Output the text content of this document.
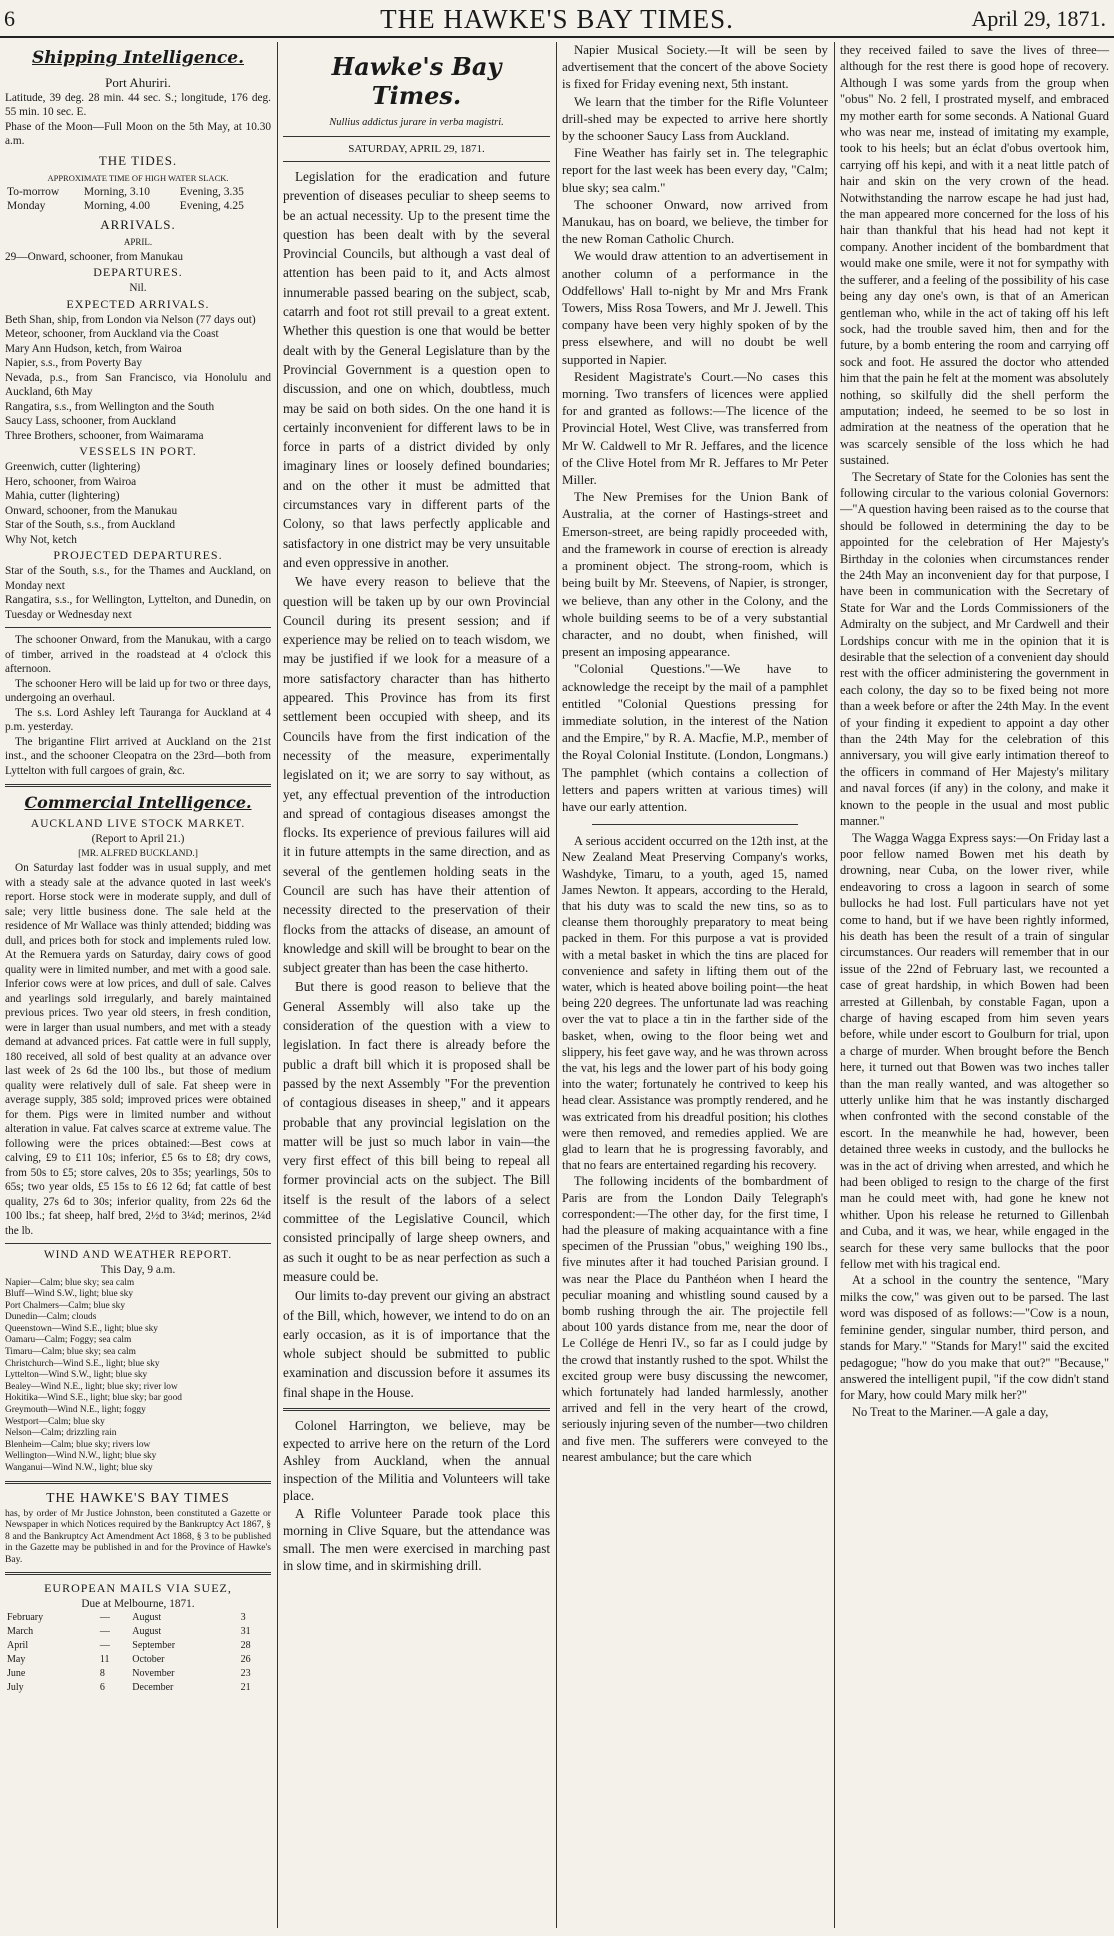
6	THE HAWKE'S BAY TIMES.	April 29, 1871.
Shipping Intelligence.

Port Ahuriri.

Latitude, 39 deg. 28 min. 44 sec. S.; longitude, 176 deg. 55 min. 10 sec. E.

Phase of the Moon—Full Moon on the 5th May, at 10.30 a.m.

THE TIDES.

APPROXIMATE TIME OF HIGH WATER SLACK.

To-morrow	Morning, 3.10	Evening, 3.35
Monday	Morning, 4.00	Evening, 4.25
ARRIVALS.

APRIL.

29—Onward, schooner, from Manukau

DEPARTURES.

Nil.

EXPECTED ARRIVALS.

Beth Shan, ship, from London via Nelson (77 days out)

Meteor, schooner, from Auckland via the Coast

Mary Ann Hudson, ketch, from Wairoa

Napier, s.s., from Poverty Bay

Nevada, p.s., from San Francisco, via Honolulu and Auckland, 6th May

Rangatira, s.s., from Wellington and the South

Saucy Lass, schooner, from Auckland

Three Brothers, schooner, from Waimarama

VESSELS IN PORT.

Greenwich, cutter (lightering)

Hero, schooner, from Wairoa

Mahia, cutter (lightering)

Onward, schooner, from the Manukau

Star of the South, s.s., from Auckland

Why Not, ketch

PROJECTED DEPARTURES.

Star of the South, s.s., for the Thames and Auckland, on Monday next

Rangatira, s.s., for Wellington, Lyttelton, and Dunedin, on Tuesday or Wednesday next

The schooner Onward, from the Manukau, with a cargo of timber, arrived in the roadstead at 4 o'clock this afternoon.

The schooner Hero will be laid up for two or three days, undergoing an overhaul.

The s.s. Lord Ashley left Tauranga for Auckland at 4 p.m. yesterday.

The brigantine Flirt arrived at Auckland on the 21st inst., and the schooner Cleopatra on the 23rd—both from Lyttelton with full cargoes of grain, &c.

Commercial Intelligence.
AUCKLAND LIVE STOCK MARKET.

(Report to April 21.)

[MR. ALFRED BUCKLAND.]

On Saturday last fodder was in usual supply, and met with a steady sale at the advance quoted in last week's report. Horse stock were in moderate supply, and dull of sale; very little business done. The sale held at the residence of Mr Wallace was thinly attended; bidding was dull, and prices both for stock and implements ruled low. At the Remuera yards on Saturday, dairy cows of good quality were in limited number, and met with a good sale. Inferior cows were at low prices, and dull of sale. Calves and yearlings sold irregularly, and barely maintained previous prices. Two year old steers, in fresh condition, were in larger than usual numbers, and met with a steady demand at advanced prices. Fat cattle were in full supply, 180 received, all sold of best quality at an advance over last week of 2s 6d the 100 lbs., but those of medium quality were relatively dull of sale. Fat sheep were in average supply, 385 sold; improved prices were obtained for them. Pigs were in limited number and without alteration in value. Fat calves scarce at extreme value. The following were the prices obtained:—Best cows at calving, £9 to £11 10s; inferior, £5 6s to £8; dry cows, from 50s to £5; store calves, 20s to 35s; yearlings, 50s to 65s; two year olds, £5 15s to £6 12 6d; fat cattle of best quality, 27s 6d to 30s; inferior quality, from 22s 6d the 100 lbs.; fat sheep, half bred, 2½d to 3¼d; merinos, 2¼d the lb.

WIND AND WEATHER REPORT.

This Day, 9 a.m.

Napier—Calm; blue sky; sea calm
Bluff—Wind S.W., light; blue sky
Port Chalmers—Calm; blue sky
Dunedin—Calm; clouds
Queenstown—Wind S.E., light; blue sky
Oamaru—Calm; Foggy; sea calm
Timaru—Calm; blue sky; sea calm
Christchurch—Wind S.E., light; blue sky
Lyttelton—Wind S.W., light; blue sky
Bealey—Wind N.E., light; blue sky; river low
Hokitika—Wind S.E., light; blue sky; bar good
Greymouth—Wind N.E., light; foggy
Westport—Calm; blue sky
Nelson—Calm; drizzling rain
Blenheim—Calm; blue sky; rivers low
Wellington—Wind N.W., light; blue sky
Wanganui—Wind N.W., light; blue sky
THE HAWKE'S BAY TIMES

has, by order of Mr Justice Johnston, been constituted a Gazette or Newspaper in which Notices required by the Bankruptcy Act 1867, § 8 and the Bankruptcy Act Amendment Act 1868, § 3 to be published in the Gazette may be published in and for the Province of Hawke's Bay.

EUROPEAN MAILS VIA SUEZ,

Due at Melbourne, 1871.

February	—	August	3
March	—	August	31
April	—	September	28
May	11	October	26
June	8	November	23
July	6	December	21
Hawke's Bay Times.

Nullius addictus jurare in verba magistri.

SATURDAY, APRIL 29, 1871.

Legislation for the eradication and future prevention of diseases peculiar to sheep seems to be an actual necessity. Up to the present time the question has been dealt with by the several Provincial Councils, but although a vast deal of attention has been paid to it, and Acts almost innumerable passed bearing on the subject, scab, catarrh and foot rot still prevail to a great extent. Whether this question is one that would be better dealt with by the General Legislature than by the Provincial Government is a question open to discussion, and one on which, doubtless, much may be said on both sides. On the one hand it is certainly inconvenient for different laws to be in force in parts of a district divided by only imaginary lines or loosely defined boundaries; and on the other it must be admitted that circumstances vary in different parts of the Colony, so that laws perfectly applicable and satisfactory in one district may be very unsuitable and even oppressive in another.

We have every reason to believe that the question will be taken up by our own Provincial Council during its present session; and if experience may be relied on to teach wisdom, we may be justified if we look for a measure of a more satisfactory character than has hitherto appeared. This Province has from its first settlement been occupied with sheep, and its Councils have from the first indication of the necessity of the measure, experimentally legislated on it; we are sorry to say without, as yet, any effectual prevention of the introduction and spread of contagious diseases amongst the flocks. Its experience of previous failures will aid it in future attempts in the same direction, and as several of the gentlemen holding seats in the Council are such has have their attention of necessity directed to the preservation of their flocks from the attacks of disease, an amount of knowledge and skill will be brought to bear on the subject greater than has been the case hitherto.

But there is good reason to believe that the General Assembly will also take up the consideration of the question with a view to legislation. In fact there is already before the public a draft bill which it is proposed shall be passed by the next Assembly "For the prevention of contagious diseases in sheep," and it appears probable that any provincial legislation on the matter will be just so much labor in vain—the very first effect of this bill being to repeal all former provincial acts on the subject. The Bill itself is the result of the labors of a select committee of the Legislative Council, which consisted principally of large sheep owners, and as such it ought to be as near perfection as such a measure could be.

Our limits to-day prevent our giving an abstract of the Bill, which, however, we intend to do on an early occasion, as it is of importance that the whole subject should be submitted to public examination and discussion before it assumes its final shape in the House.

Colonel Harrington, we believe, may be expected to arrive here on the return of the Lord Ashley from Auckland, when the annual inspection of the Militia and Volunteers will take place.

A Rifle Volunteer Parade took place this morning in Clive Square, but the attendance was small. The men were exercised in marching past in slow time, and in skirmishing drill.

Napier Musical Society.—It will be seen by advertisement that the concert of the above Society is fixed for Friday evening next, 5th instant.

We learn that the timber for the Rifle Volunteer drill-shed may be expected to arrive here shortly by the schooner Saucy Lass from Auckland.

Fine Weather has fairly set in. The telegraphic report for the last week has been every day, "Calm; blue sky; sea calm."

The schooner Onward, now arrived from Manukau, has on board, we believe, the timber for the new Roman Catholic Church.

We would draw attention to an advertisement in another column of a performance in the Oddfellows' Hall to-night by Mr and Mrs Frank Towers, Miss Rosa Towers, and Mr J. Jewell. This company have been very highly spoken of by the press elsewhere, and will no doubt be well supported in Napier.

Resident Magistrate's Court.—No cases this morning. Two transfers of licences were applied for and granted as follows:—The licence of the Provincial Hotel, West Clive, was transferred from Mr W. Caldwell to Mr R. Jeffares, and the licence of the Clive Hotel from Mr R. Jeffares to Mr Peter Miller.

The New Premises for the Union Bank of Australia, at the corner of Hastings-street and Emerson-street, are being rapidly proceeded with, and the framework in course of erection is already a prominent object. The strong-room, which is being built by Mr. Steevens, of Napier, is stronger, we believe, than any other in the Colony, and the whole building seems to be of a very substantial character, and no doubt, when finished, will present an imposing appearance.

"Colonial Questions."—We have to acknowledge the receipt by the mail of a pamphlet entitled "Colonial Questions pressing for immediate solution, in the interest of the Nation and the Empire," by R. A. Macfie, M.P., member of the Royal Colonial Institute. (London, Longmans.) The pamphlet (which contains a collection of letters and papers written at various times) will have our early attention.

A serious accident occurred on the 12th inst, at the New Zealand Meat Preserving Company's works, Washdyke, Timaru, to a youth, aged 15, named James Newton. It appears, according to the Herald, that his duty was to scald the new tins, so as to cleanse them thoroughly preparatory to meat being packed in them. For this purpose a vat is provided with a metal basket in which the tins are placed for convenience and safety in lifting them out of the water, which is heated above boiling point—the heat being 220 degrees. The unfortunate lad was reaching over the vat to place a tin in the farther side of the basket, when, owing to the floor being wet and slippery, his feet gave way, and he was thrown across the vat, his legs and the lower part of his body going into the water; fortunately he contrived to keep his head clear. Assistance was promptly rendered, and he was extricated from his dreadful position; his clothes were then removed, and remedies applied. We are glad to learn that he is progressing favorably, and that no fears are entertained regarding his recovery.

The following incidents of the bombardment of Paris are from the London Daily Telegraph's correspondent:—The other day, for the first time, I had the pleasure of making acquaintance with a fine specimen of the Prussian "obus," weighing 190 lbs., five minutes after it had touched Parisian ground. I was near the Place du Panthéon when I heard the peculiar moaning and whistling sound caused by a bomb rushing through the air. The projectile fell about 100 yards distance from me, near the door of Le Collége de Henri IV., so far as I could judge by the crowd that instantly rushed to the spot. Whilst the excited group were busy discussing the newcomer, which fortunately had landed harmlessly, another arrived and fell in the very heart of the crowd, seriously injuring seven of the number—two children and five men. The sufferers were conveyed to the nearest ambulance; but the care which

they received failed to save the lives of three—although for the rest there is good hope of recovery. Although I was some yards from the group when "obus" No. 2 fell, I prostrated myself, and embraced my mother earth for some seconds. A National Guard who was near me, instead of imitating my example, took to his heels; but an éclat d'obus overtook him, carrying off his kepi, and with it a neat little patch of hair and skin on the very crown of the head. Notwithstanding the narrow escape he had just had, the man appeared more concerned for the loss of his hair than thankful that his head had not kept it company. Another incident of the bombardment that would make one smile, were it not for sympathy with the sufferer, and a feeling of the possibility of his case being any day one's own, is that of an American gentleman who, while in the act of taking off his left sock, had the trouble saved him, then and for the future, by a bomb entering the room and carrying off sock and foot. He assured the doctor who attended him that the pain he felt at the moment was absolutely nothing, so skilfully did the shell perform the amputation; indeed, he seemed to be so lost in admiration at the neatness of the operation that he was scarcely sensible of the loss which he had sustained.

The Secretary of State for the Colonies has sent the following circular to the various colonial Governors:—"A question having been raised as to the course that should be followed in determining the day to be appointed for the celebration of Her Majesty's Birthday in the colonies when circumstances render the 24th May an inconvenient day for that purpose, I have been in communication with the Secretary of State for War and the Lords Commissioners of the Admiralty on the subject, and Mr Cardwell and their Lordships concur with me in the opinion that it is desirable that the selection of a convenient day should rest with the officer administering the government in each colony, the day so to be fixed being not more than a week before or after the 24th May. In the event of your finding it expedient to appoint a day other than the 24th May for the celebration of this anniversary, you will give early intimation thereof to the officers in command of Her Majesty's military and naval forces (if any) in the colony, and make it known to the people in the usual and most public manner."

The Wagga Wagga Express says:—On Friday last a poor fellow named Bowen met his death by drowning, near Cuba, on the lower river, while endeavoring to cross a lagoon in search of some bullocks he had lost. Full particulars have not yet come to hand, but if we have been rightly informed, his death has been the result of a train of singular circumstances. Our readers will remember that in our issue of the 22nd of February last, we recounted a case of great hardship, in which Bowen had been arrested at Gillenbah, by constable Fagan, upon a charge of having escaped from him seven years before, while under escort to Goulburn for trial, upon a charge of murder. When brought before the Bench here, it turned out that Bowen was two inches taller than the man really wanted, and was altogether so utterly unlike him that he was instantly discharged when confronted with the second constable of the escort. In the meanwhile he had, however, been detained three weeks in custody, and the bullocks he was in the act of driving when arrested, and which he had been obliged to resign to the charge of the first man he could meet with, had gone he knew not whither. Upon his release he returned to Gillenbah and Cuba, and it was, we hear, while engaged in the search for these very same bullocks that the poor fellow met with his tragical end.

At a school in the country the sentence, "Mary milks the cow," was given out to be parsed. The last word was disposed of as follows:—"Cow is a noun, feminine gender, singular number, third person, and stands for Mary." "Stands for Mary!" said the excited pedagogue; "how do you make that out?" "Because," answered the intelligent pupil, "if the cow didn't stand for Mary, how could Mary milk her?"

No Treat to the Mariner.—A gale a day,
